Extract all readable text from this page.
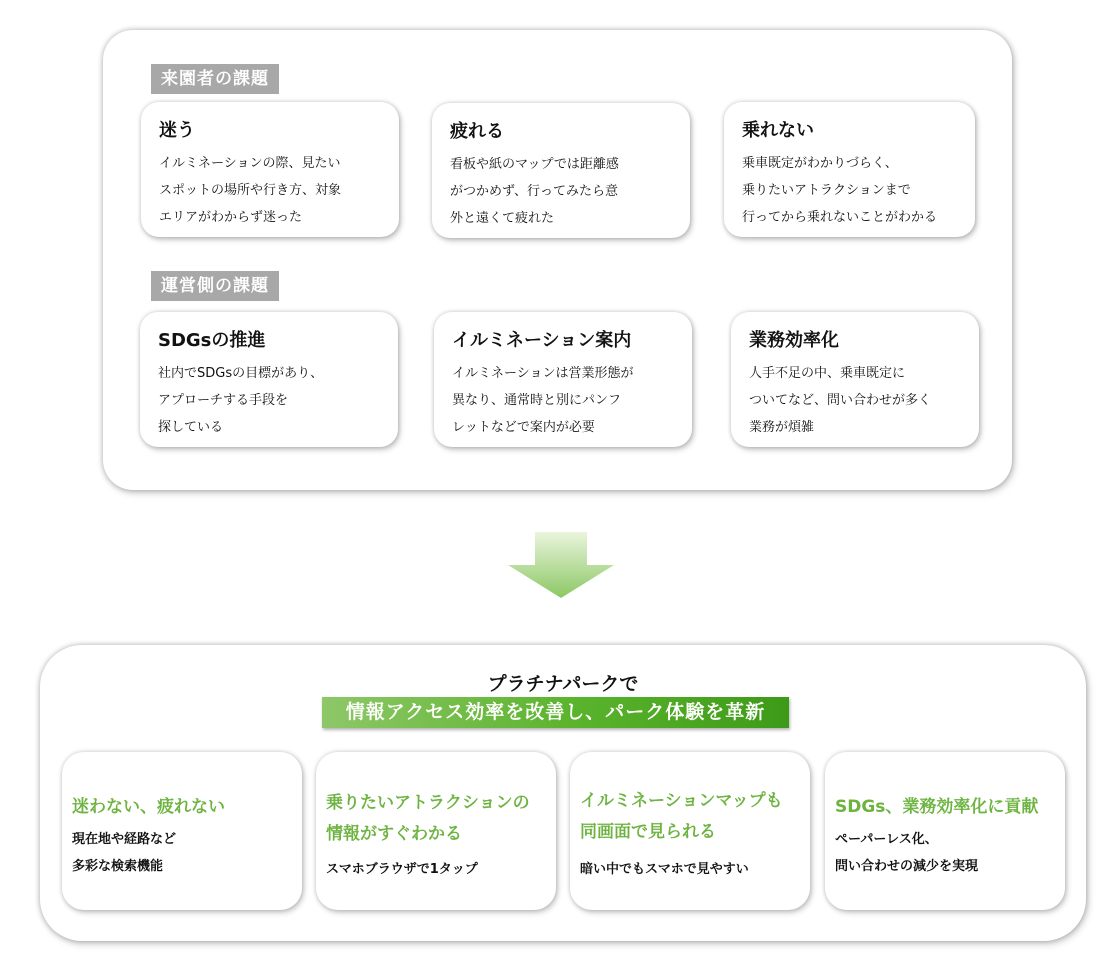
来園者の課題
迷う

イルミネーションの際、見たい

スポットの場所や行き方、対象

エリアがわからず迷った

疲れる

看板や紙のマップでは距離感

がつかめず、行ってみたら意

外と遠くて疲れた

乗れない

乗車既定がわかりづらく、

乗りたいアトラクションまで

行ってから乗れないことがわかる

運営側の課題
SDGsの推進

社内でSDGsの目標があり、

アプローチする手段を

探している

イルミネーション案内

イルミネーションは営業形態が

異なり、通常時と別にパンフ

レットなどで案内が必要

業務効率化

人手不足の中、乗車既定に

ついてなど、問い合わせが多く

業務が煩雑

プラチナパークで
情報アクセス効率を改善し、パーク体験を革新
迷わない、疲れない
現在地や経路など
多彩な検索機能
乗りたいアトラクションの
情報がすぐわかる
スマホブラウザで1タップ
イルミネーションマップも
同画面で見られる
暗い中でもスマホで見やすい
SDGs、業務効率化に貢献
ペーパーレス化、
問い合わせの減少を実現
